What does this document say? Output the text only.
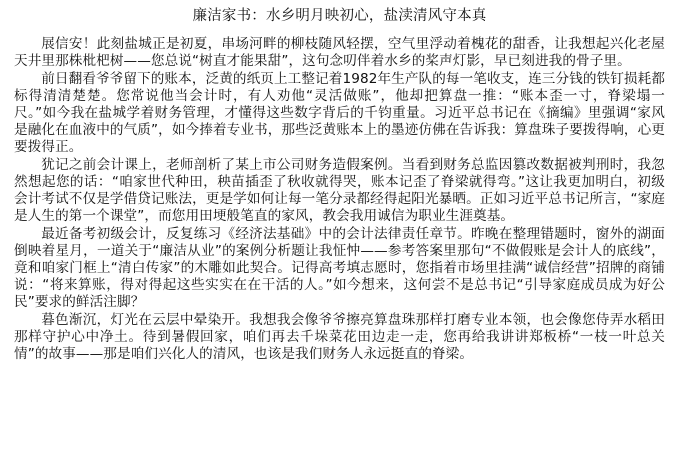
廉洁家书：水乡明月映初心，盐渎清风守本真

展信安！此刻盐城正是初夏，串场河畔的柳枝随风轻摆，空气里浮动着槐花的甜香，让我想起兴化老屋天井里那株枇杷树——您总说“树直才能果甜”，这句念叨伴着水乡的桨声灯影，早已刻进我的骨子里。

前日翻看爷爷留下的账本，泛黄的纸页上工整记着1982年生产队的每一笔收支，连三分钱的铁钉损耗都标得清清楚楚。您常说他当会计时，有人劝他“灵活做账”，他却把算盘一推：“账本歪一寸，脊梁塌一尺。”如今我在盐城学着财务管理，才懂得这些数字背后的千钧重量。习近平总书记在《摘编》里强调“家风是融化在血液中的气质”，如今捧着专业书，那些泛黄账本上的墨迹仿佛在告诉我：算盘珠子要拨得响，心更要拨得正。

犹记之前会计课上，老师剖析了某上市公司财务造假案例。当看到财务总监因篡改数据被判刑时，我忽然想起您的话：“咱家世代种田，秧苗插歪了秋收就得哭，账本记歪了脊梁就得弯。”这让我更加明白，初级会计考试不仅是学借贷记账法，更是学如何让每一笔分录都经得起阳光暴晒。正如习近平总书记所言，“家庭是人生的第一个课堂”，而您用田埂般笔直的家风，教会我用诚信为职业生涯奠基。

最近备考初级会计，反复练习《经济法基础》中的会计法律责任章节。昨晚在整理错题时，窗外的湖面倒映着星月，一道关于“廉洁从业”的案例分析题让我怔忡——参考答案里那句“不做假账是会计人的底线”，竟和咱家门框上“清白传家”的木雕如此契合。记得高考填志愿时，您指着市场里挂满“诚信经营”招牌的商铺说：“将来算账，得对得起这些实实在在干活的人。”如今想来，这何尝不是总书记“引导家庭成员成为好公民”要求的鲜活注脚？

暮色渐沉，灯光在云层中晕染开。我想我会像爷爷擦亮算盘珠那样打磨专业本领，也会像您侍弄水稻田那样守护心中净土。待到暑假回家，咱们再去千垛菜花田边走一走，您再给我讲讲郑板桥“一枝一叶总关情”的故事——那是咱们兴化人的清风，也该是我们财务人永远挺直的脊梁。
